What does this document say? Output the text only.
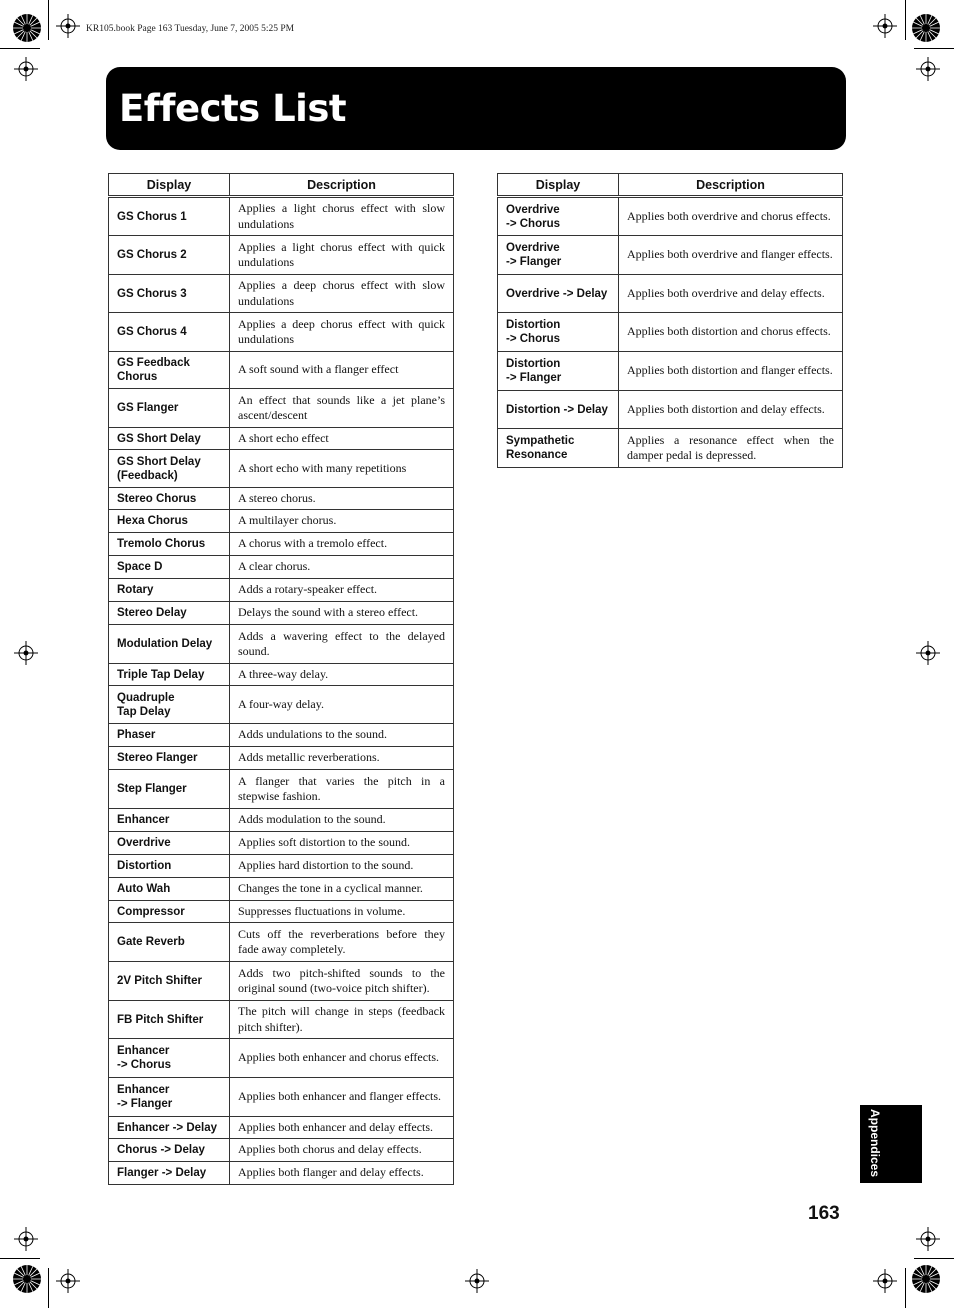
KR105.book Page 163 Tuesday, June 7, 2005 5:25 PM
Effects List
Display	Description

GS Chorus 1	Applies a light chorus effect with slow undulations

GS Chorus 2	Applies a light chorus effect with quick undulations

GS Chorus 3	Applies a deep chorus effect with slow undulations

GS Chorus 4	Applies a deep chorus effect with quick undulations

GS Feedback
Chorus	A soft sound with a flanger effect

GS Flanger	An effect that sounds like a jet plane’s ascent/descent

GS Short Delay	A short echo effect

GS Short Delay
(Feedback)	A short echo with many repetitions

Stereo Chorus	A stereo chorus.

Hexa Chorus	A multilayer chorus.

Tremolo Chorus	A chorus with a tremolo effect.

Space D	A clear chorus.

Rotary	Adds a rotary-speaker effect.

Stereo Delay	Delays the sound with a stereo effect.

Modulation Delay	Adds a wavering effect to the delayed sound.

Triple Tap Delay	A three-way delay.

Quadruple
Tap Delay	A four-way delay.

Phaser	Adds undulations to the sound.

Stereo Flanger	Adds metallic reverberations.

Step Flanger	A flanger that varies the pitch in a stepwise fashion.

Enhancer	Adds modulation to the sound.

Overdrive	Applies soft distortion to the sound.

Distortion	Applies hard distortion to the sound.

Auto Wah	Changes the tone in a cyclical manner.

Compressor	Suppresses fluctuations in volume.

Gate Reverb	Cuts off the reverberations before they fade away completely.

2V Pitch Shifter	Adds two pitch-shifted sounds to the original sound (two-voice pitch shifter).

FB Pitch Shifter	The pitch will change in steps (feedback pitch shifter).

Enhancer
-> Chorus	Applies both enhancer and chorus effects.

Enhancer
-> Flanger	Applies both enhancer and flanger effects.

Enhancer -> Delay	Applies both enhancer and delay effects.

Chorus -> Delay	Applies both chorus and delay effects.

Flanger -> Delay	Applies both flanger and delay effects.
Display	Description

Overdrive
-> Chorus	Applies both overdrive and chorus effects.

Overdrive
-> Flanger	Applies both overdrive and flanger effects.

Overdrive -> Delay	Applies both overdrive and delay effects.

Distortion
-> Chorus	Applies both distortion and chorus effects.

Distortion
-> Flanger	Applies both distortion and flanger effects.

Distortion -> Delay	Applies both distortion and delay effects.

Sympathetic
Resonance	Applies a resonance effect when the damper pedal is depressed.
Appendices
163
